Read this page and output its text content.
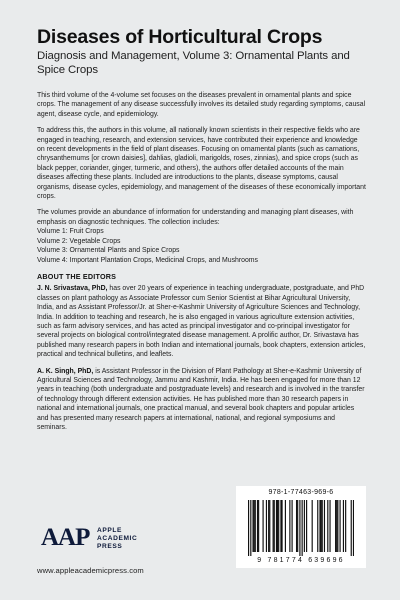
Diseases of Horticultural Crops
Diagnosis and Management, Volume 3: Ornamental Plants and Spice Crops

This third volume of the 4-volume set focuses on the diseases prevalent in ornamental plants and spice crops. The management of any disease successfully involves its detailed study regarding symptoms, causal agent, disease cycle, and epidemiology.

To address this, the authors in this volume, all nationally known scientists in their respective fields who are engaged in teaching, research, and extension services, have contributed their experience and knowledge on recent developments in the field of plant diseases. Focusing on ornamental plants (such as carnations, chrysanthemums [or crown daisies], dahlias, gladioli, marigolds, roses, zinnias), and spice crops (such as black pepper, coriander, ginger, turmeric, and others), the authors offer detailed accounts of the main diseases affecting these plants. Included are introductions to the plants, disease symptoms, causal organisms, disease cycles, epidemiology, and management of the diseases of these economically important crops.

The volumes provide an abundance of information for understanding and managing plant diseases, with emphasis on diagnostic techniques. The collection includes:

Volume 1: Fruit Crops
Volume 2: Vegetable Crops
Volume 3: Ornamental Plants and Spice Crops
Volume 4: Important Plantation Crops, Medicinal Crops, and Mushrooms
ABOUT THE EDITORS

J. N. Srivastava, PhD, has over 20 years of experience in teaching undergraduate, postgraduate, and PhD classes on plant pathology as Associate Professor cum Senior Scientist at Bihar Agricultural University, India, and as Assistant Professor/Jr. at Sher-e-Kashmir University of Agriculture Sciences and Technology, India. In addition to teaching and research, he is also engaged in various agriculture extension activities, such as farm advisory services, and has acted as principal investigator and co-principal investigator for several projects on biological control/integrated disease management. A prolific author, Dr. Srivastava has published many research papers in both Indian and international journals, book chapters, extension articles, practical and technical bulletins, and leaflets.

A. K. Singh, PhD, is Assistant Professor in the Division of Plant Pathology at Sher-e-Kashmir University of Agricultural Sciences and Technology, Jammu and Kashmir, India. He has been engaged for more than 12 years in teaching (both undergraduate and postgraduate levels) and research and is involved in the transfer of technology through different extension activities. He has published more than 30 research papers in national and international journals, one practical manual, and several book chapters and popular articles and has presented many research papers at international, national, and regional symposiums and seminars.

AAP APPLE
ACADEMIC
PRESS
www.appleacademicpress.com
978-1-77463-969-6
9 781774 639696
